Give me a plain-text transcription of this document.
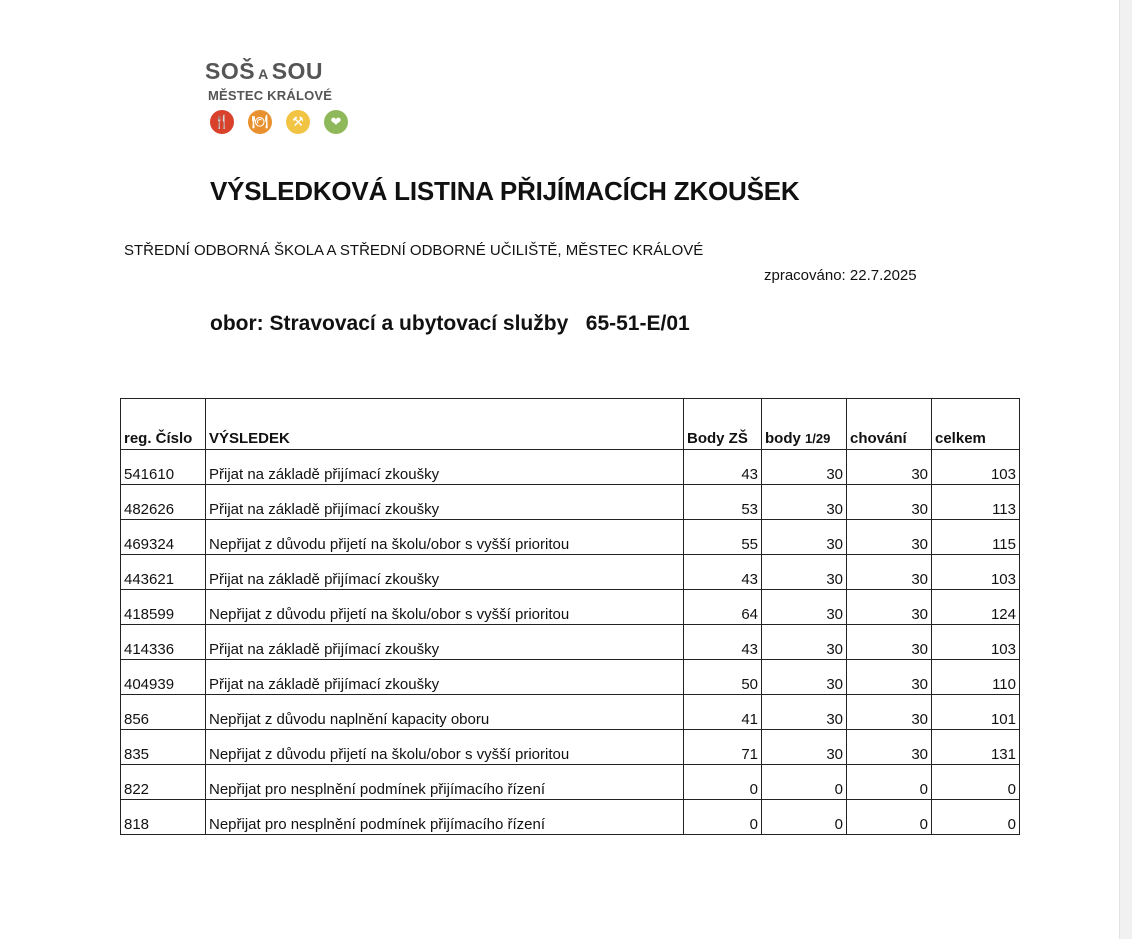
SOŠ A SOU
MĚSTEC KRÁLOVÉ
🍴	🍽	⚒	❤
VÝSLEDKOVÁ LISTINA PŘIJÍMACÍCH ZKOUŠEK
STŘEDNÍ ODBORNÁ ŠKOLA A STŘEDNÍ ODBORNÉ UČILIŠTĚ, MĚSTEC KRÁLOVÉ
zpracováno: 22.7.2025
obor: Stravovací a ubytovací služby   65-51-E/01
reg. Číslo	VÝSLEDEK	Body ZŠ	body 1/29	chování	celkem
541610	Přijat na základě přijímací zkoušky	43	30	30	103
482626	Přijat na základě přijímací zkoušky	53	30	30	113
469324	Nepřijat z důvodu přijetí na školu/obor s vyšší prioritou	55	30	30	115
443621	Přijat na základě přijímací zkoušky	43	30	30	103
418599	Nepřijat z důvodu přijetí na školu/obor s vyšší prioritou	64	30	30	124
414336	Přijat na základě přijímací zkoušky	43	30	30	103
404939	Přijat na základě přijímací zkoušky	50	30	30	110
856	Nepřijat z důvodu naplnění kapacity oboru	41	30	30	101
835	Nepřijat z důvodu přijetí na školu/obor s vyšší prioritou	71	30	30	131
822	Nepřijat pro nesplnění podmínek přijímacího řízení	0	0	0	0
818	Nepřijat pro nesplnění podmínek přijímacího řízení	0	0	0	0
